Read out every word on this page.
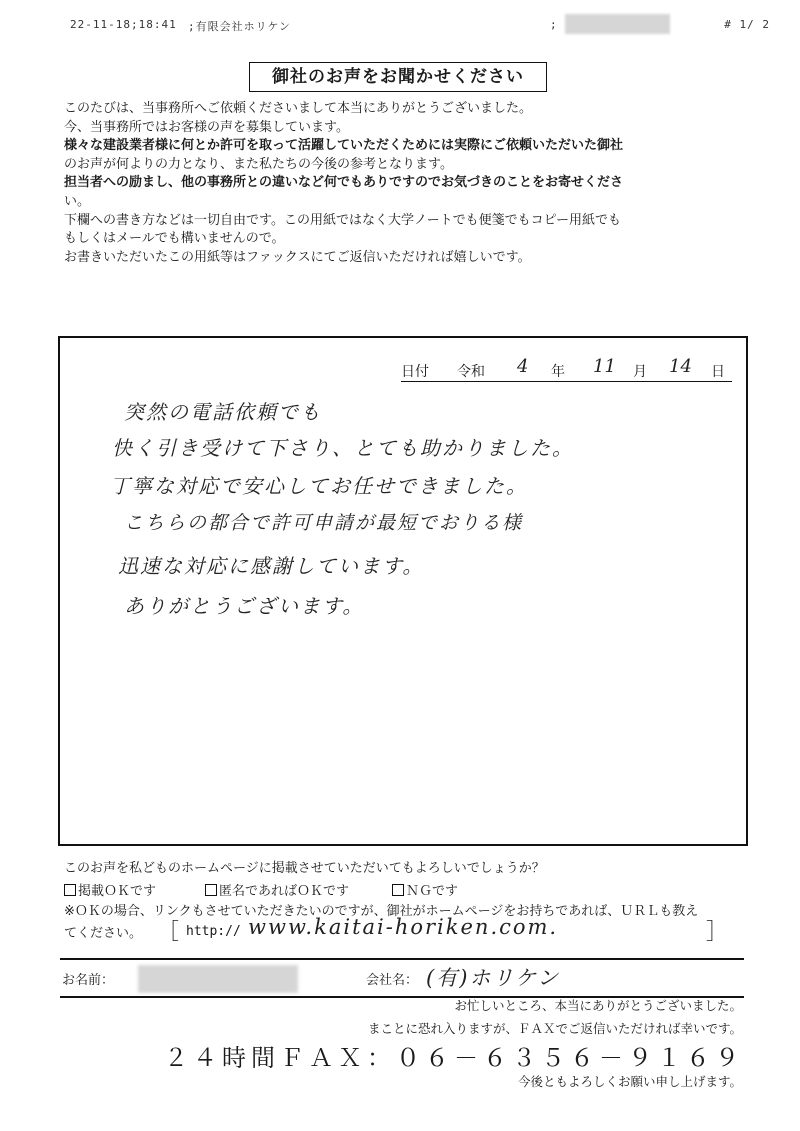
22-11-18;18:41 ;有限会社ホリケン	;	# 1/ 2
御社のお声をお聞かせください

このたびは、当事務所へご依頼くださいまして本当にありがとうございました。

今、当事務所ではお客様の声を募集しています。

様々な建設業者様に何とか許可を取って活躍していただくためには実際にご依頼いただいた御社

のお声が何よりの力となり、また私たちの今後の参考となります。

担当者への励まし、他の事務所との違いなど何でもありですのでお気づきのことをお寄せくださ

い。

下欄への書き方などは一切自由です。この用紙ではなく大学ノートでも便箋でもコピー用紙でも

もしくはメールでも構いませんので。

お書きいただいたこの用紙等はファックスにてご返信いただければ嬉しいです。

日付 令和 4 年 11 月 14 日
突然の電話依頼でも
快く引き受けて下さり、とても助かりました。
丁寧な対応で安心してお任せできました。
こちらの都合で許可申請が最短でおりる様
迅速な対応に感謝しています。
ありがとうございます。
このお声を私どものホームページに掲載させていただいてもよろしいでしょうか？
掲載ＯＫです	匿名であればＯＫです	ＮＧです

※ＯＫの場合、リンクもさせていただきたいのですが、御社がホームページをお持ちであれば、ＵＲＬも教え

てください。 ［ http:// www.kaitai-horiken.com.	］
お名前：	会社名： (有)ホリケン
お忙しいところ、本当にありがとうございました。
まことに恐れ入りますが、ＦＡＸでご返信いただければ幸いです。
２４時間ＦＡＸ：０６－６３５６－９１６９
今後ともよろしくお願い申し上げます。
